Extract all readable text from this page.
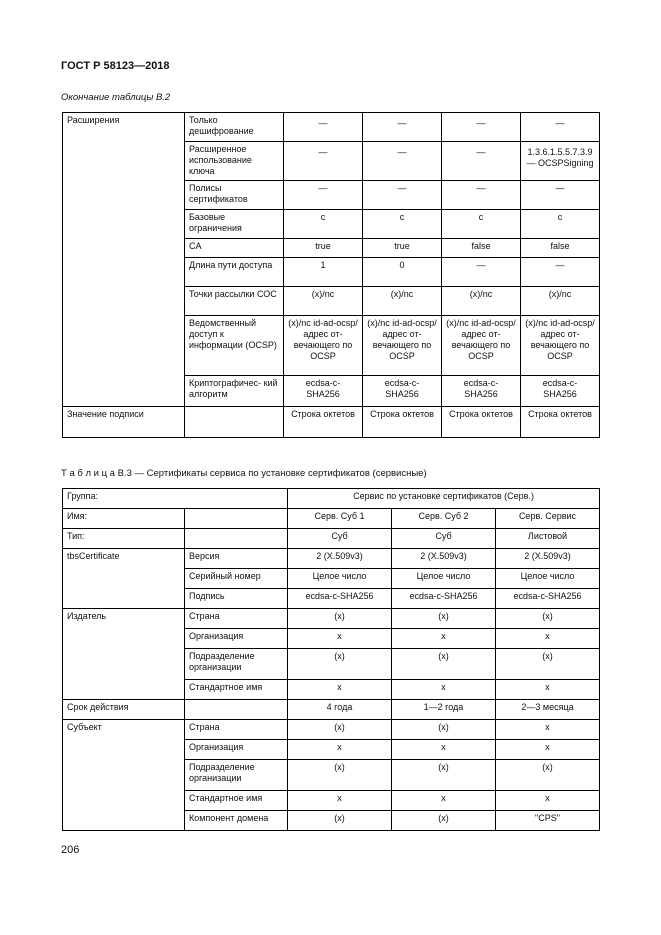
ГОСТ Р 58123—2018
Окончание таблицы В.2
Расширения	Только дешифрование	—	—	—	—
	Расширенное использование ключа	—	—	—	1.3.6.1.5.5.7.3.9 — OCSPSigning
	Полисы сертификатов	—	—	—	—
	Базовые ограничения	c	c	c	c
	CA	true	true	false	false
	Длина пути доступа	1	0	—	—
	Точки рассылки СОС	(x)/nc	(x)/nc	(x)/nc	(x)/nc
	Ведомственный доступ к информации (OCSP)	(x)/nc id-ad-ocsp/ адрес от- вечающего по OCSP	(x)/nc id-ad-ocsp/ адрес от- вечающего по OCSP	(x)/nc id-ad-ocsp/ адрес от- вечающего по OCSP	(x)/nc id-ad-ocsp/ адрес от- вечающего по OCSP
	Криптографичес- кий алгоритм	ecdsa-c- SHA256	ecdsa-c- SHA256	ecdsa-c- SHA256	ecdsa-c- SHA256
Значение подписи		Строка октетов	Строка октетов	Строка октетов	Строка октетов
Т а б л и ц а В.3 — Сертификаты сервиса по установке сертификатов (сервисные)
Группа:		Сервис по установке сертификатов (Серв.)		
Имя:		Серв. Суб 1	Серв. Суб 2	Серв. Сервис
Тип:		Суб	Суб	Листовой
tbsCertificate	Версия	2 (X.509v3)	2 (X.509v3)	2 (X.509v3)
	Серийный номер	Целое число	Целое число	Целое число
	Подпись	ecdsa-c-SHA256	ecdsa-c-SHA256	ecdsa-c-SHA256
Издатель	Страна	(x)	(x)	(x)
	Организация	x	x	x
	Подразделение организации	(x)	(x)	(x)
	Стандартное имя	x	x	x
Срок действия		4 года	1—2 года	2—3 месяца
Субъект	Страна	(x)	(x)	x
	Организация	x	x	x
	Подразделение организации	(x)	(x)	(x)
	Стандартное имя	x	x	x
	Компонент домена	(x)	(x)	"CPS"
206
